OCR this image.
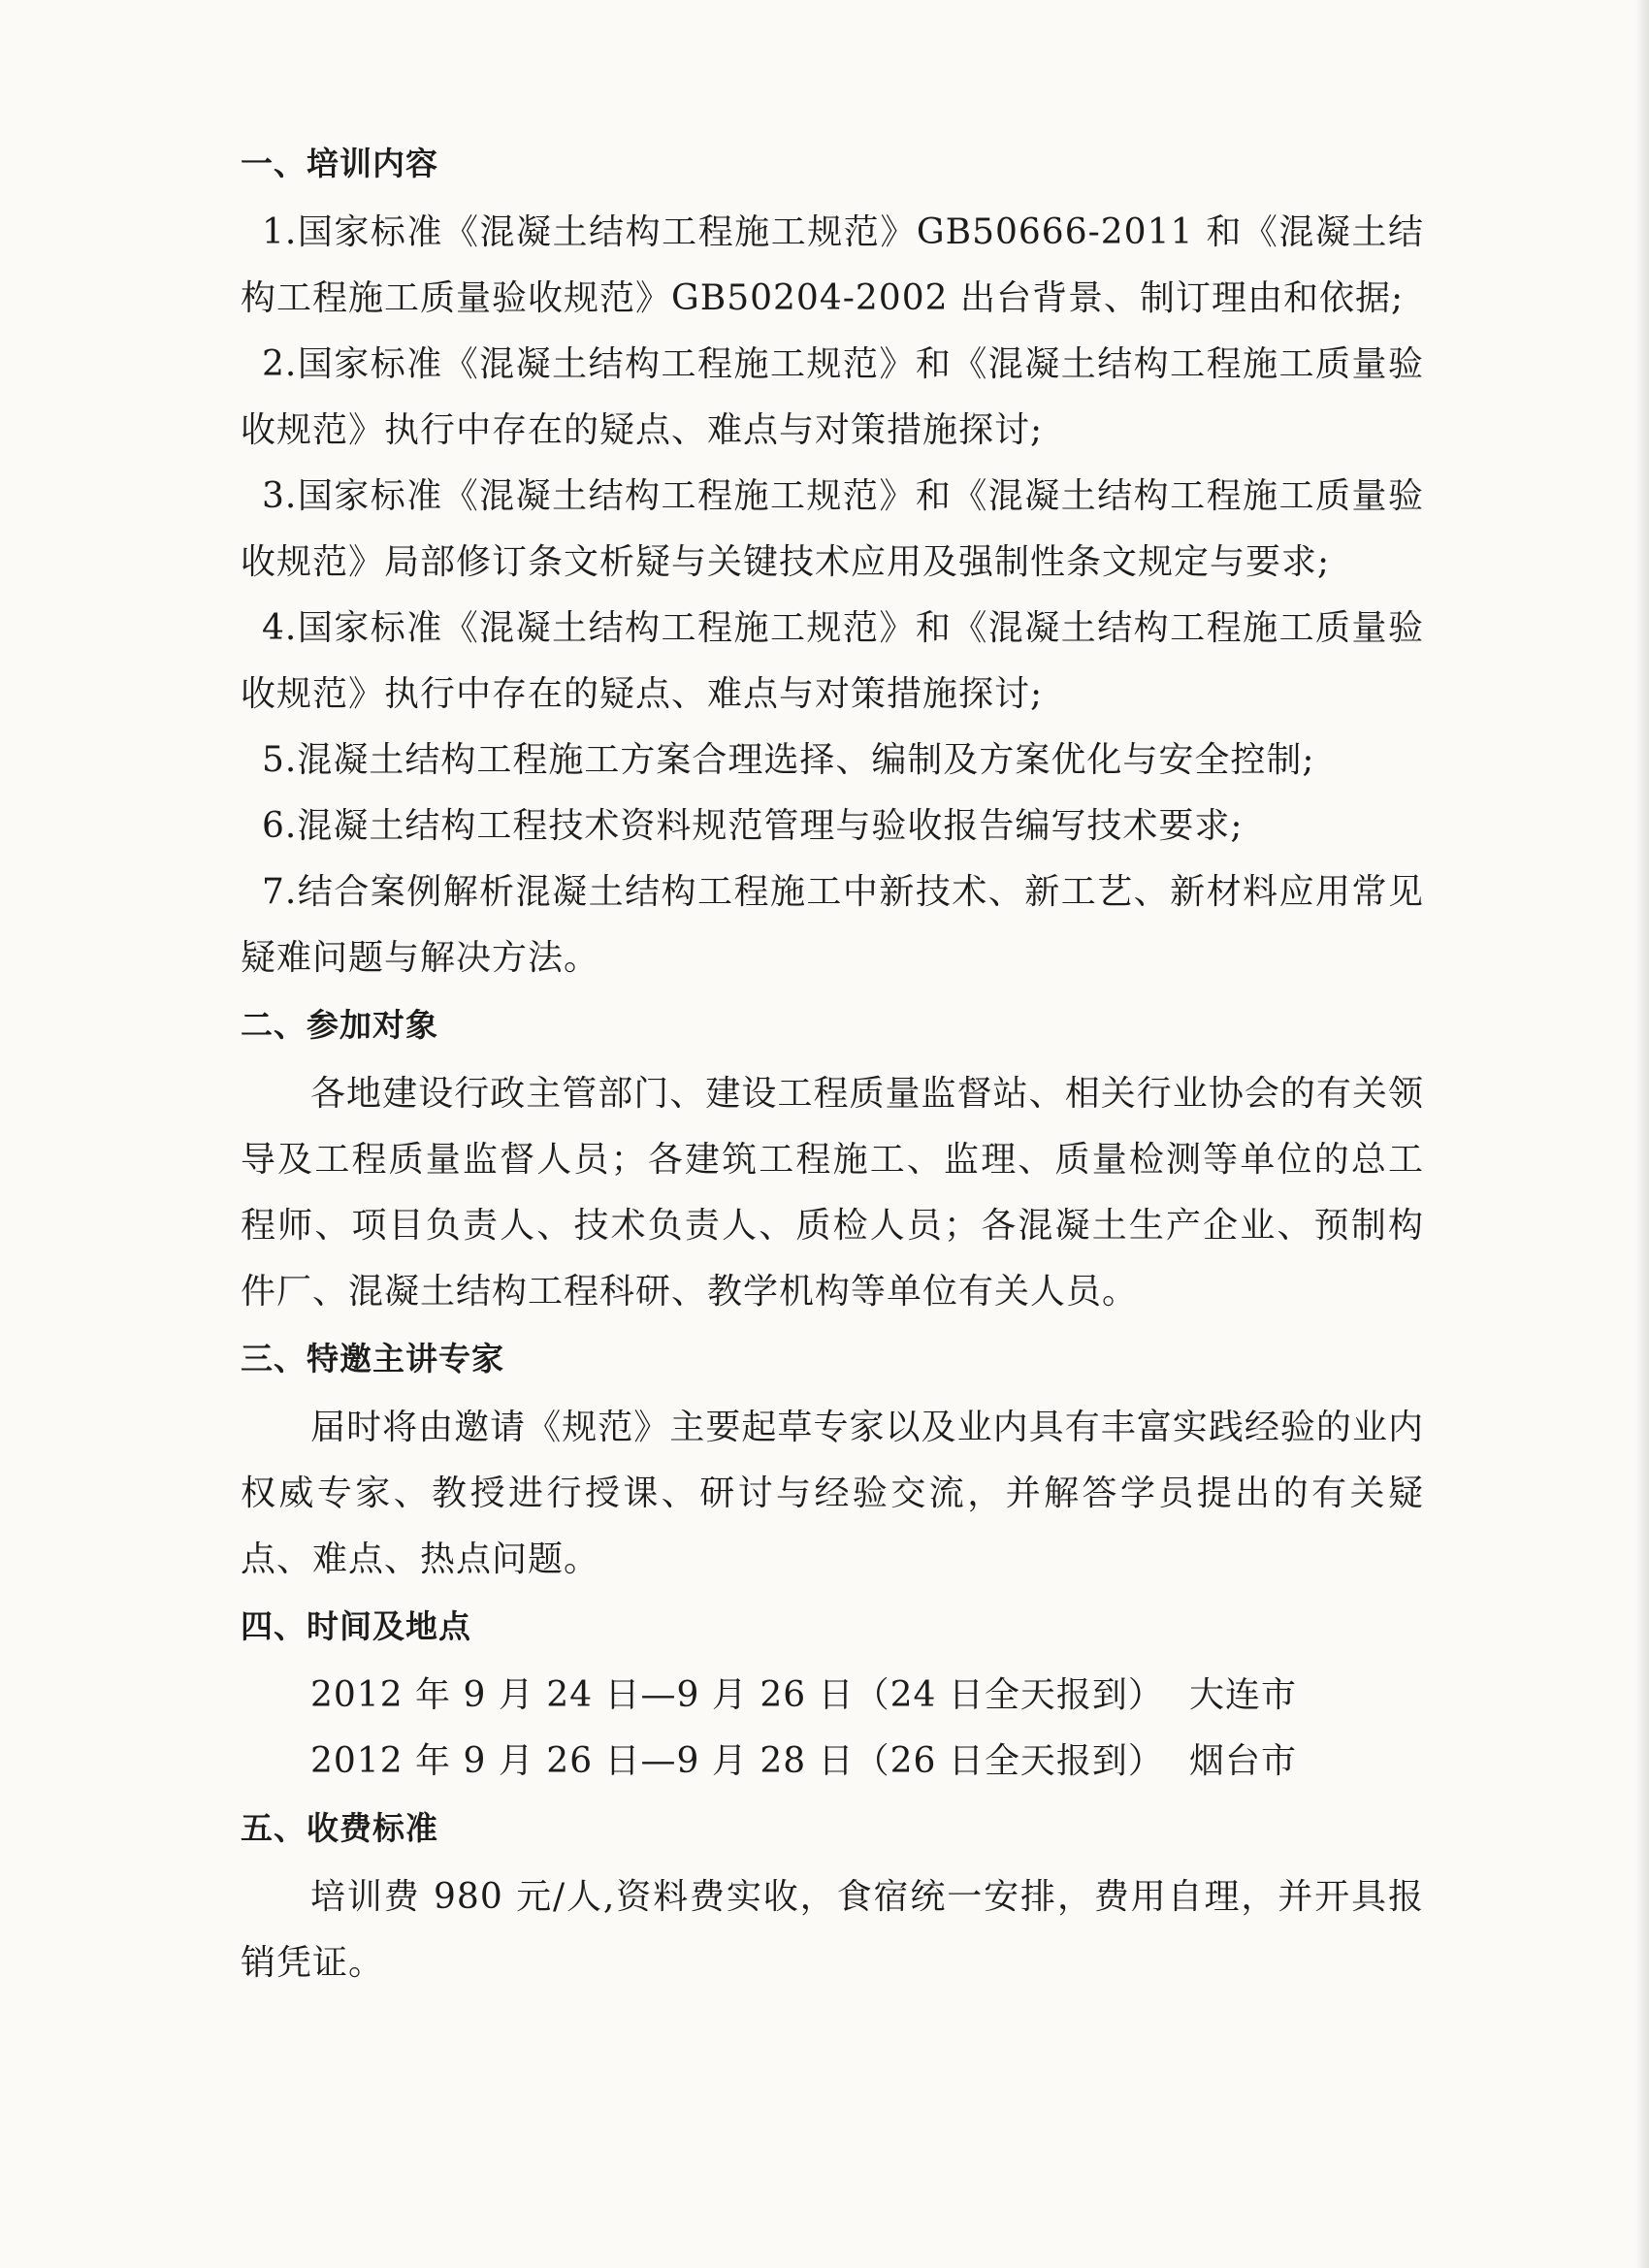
一、培训内容
1.国家标准《混凝土结构工程施工规范》GB50666-2011 和《混凝土结构工程施工质量验收规范》GB50204-2002 出台背景、制订理由和依据;
2.国家标准《混凝土结构工程施工规范》和《混凝土结构工程施工质量验收规范》执行中存在的疑点、难点与对策措施探讨;
3.国家标准《混凝土结构工程施工规范》和《混凝土结构工程施工质量验收规范》局部修订条文析疑与关键技术应用及强制性条文规定与要求;
4.国家标准《混凝土结构工程施工规范》和《混凝土结构工程施工质量验收规范》执行中存在的疑点、难点与对策措施探讨;
5.混凝土结构工程施工方案合理选择、编制及方案优化与安全控制;
6.混凝土结构工程技术资料规范管理与验收报告编写技术要求;
7.结合案例解析混凝土结构工程施工中新技术、新工艺、新材料应用常见疑难问题与解决方法。
二、参加对象
各地建设行政主管部门、建设工程质量监督站、相关行业协会的有关领导及工程质量监督人员；各建筑工程施工、监理、质量检测等单位的总工程师、项目负责人、技术负责人、质检人员；各混凝土生产企业、预制构件厂、混凝土结构工程科研、教学机构等单位有关人员。
三、特邀主讲专家
届时将由邀请《规范》主要起草专家以及业内具有丰富实践经验的业内权威专家、教授进行授课、研讨与经验交流，并解答学员提出的有关疑点、难点、热点问题。
四、时间及地点
2012 年 9 月 24 日—9 月 26 日（24 日全天报到） 大连市
2012 年 9 月 26 日—9 月 28 日（26 日全天报到） 烟台市
五、收费标准
培训费 980 元/人,资料费实收，食宿统一安排，费用自理，并开具报销凭证。
